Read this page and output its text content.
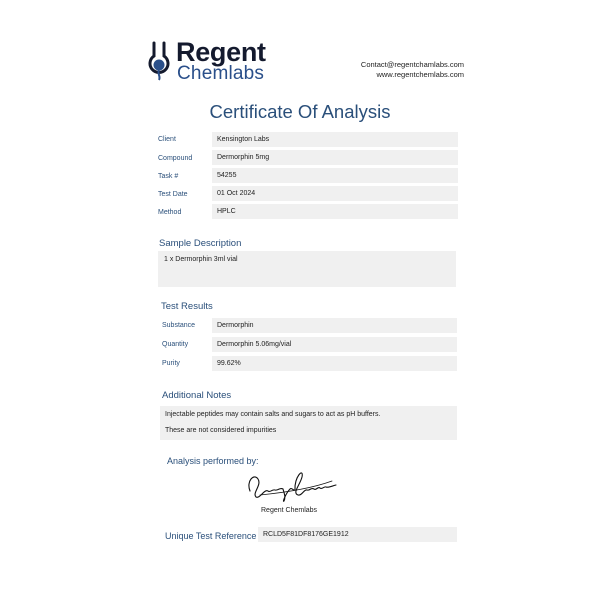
Regent
Chemlabs	Contact@regentchamlabs.com
www.regentchemlabs.com
Certificate Of Analysis
Client	Kensington Labs
Compound	Dermorphin 5mg
Task #	54255
Test Date	01 Oct 2024
Method	HPLC
Sample Description
1 x Dermorphin 3ml vial
Test Results
Substance	Dermorphin
Quantity	Dermorphin 5.06mg/vial
Purity	99.62%
Additional Notes
Injectable peptides may contain salts and sugars to act as pH buffers.
These are not considered impurities
Analysis performed by:	Regent Chemlabs
Regent Chemlabs
Unique Test Reference RCLD5F81DF8176GE1912
